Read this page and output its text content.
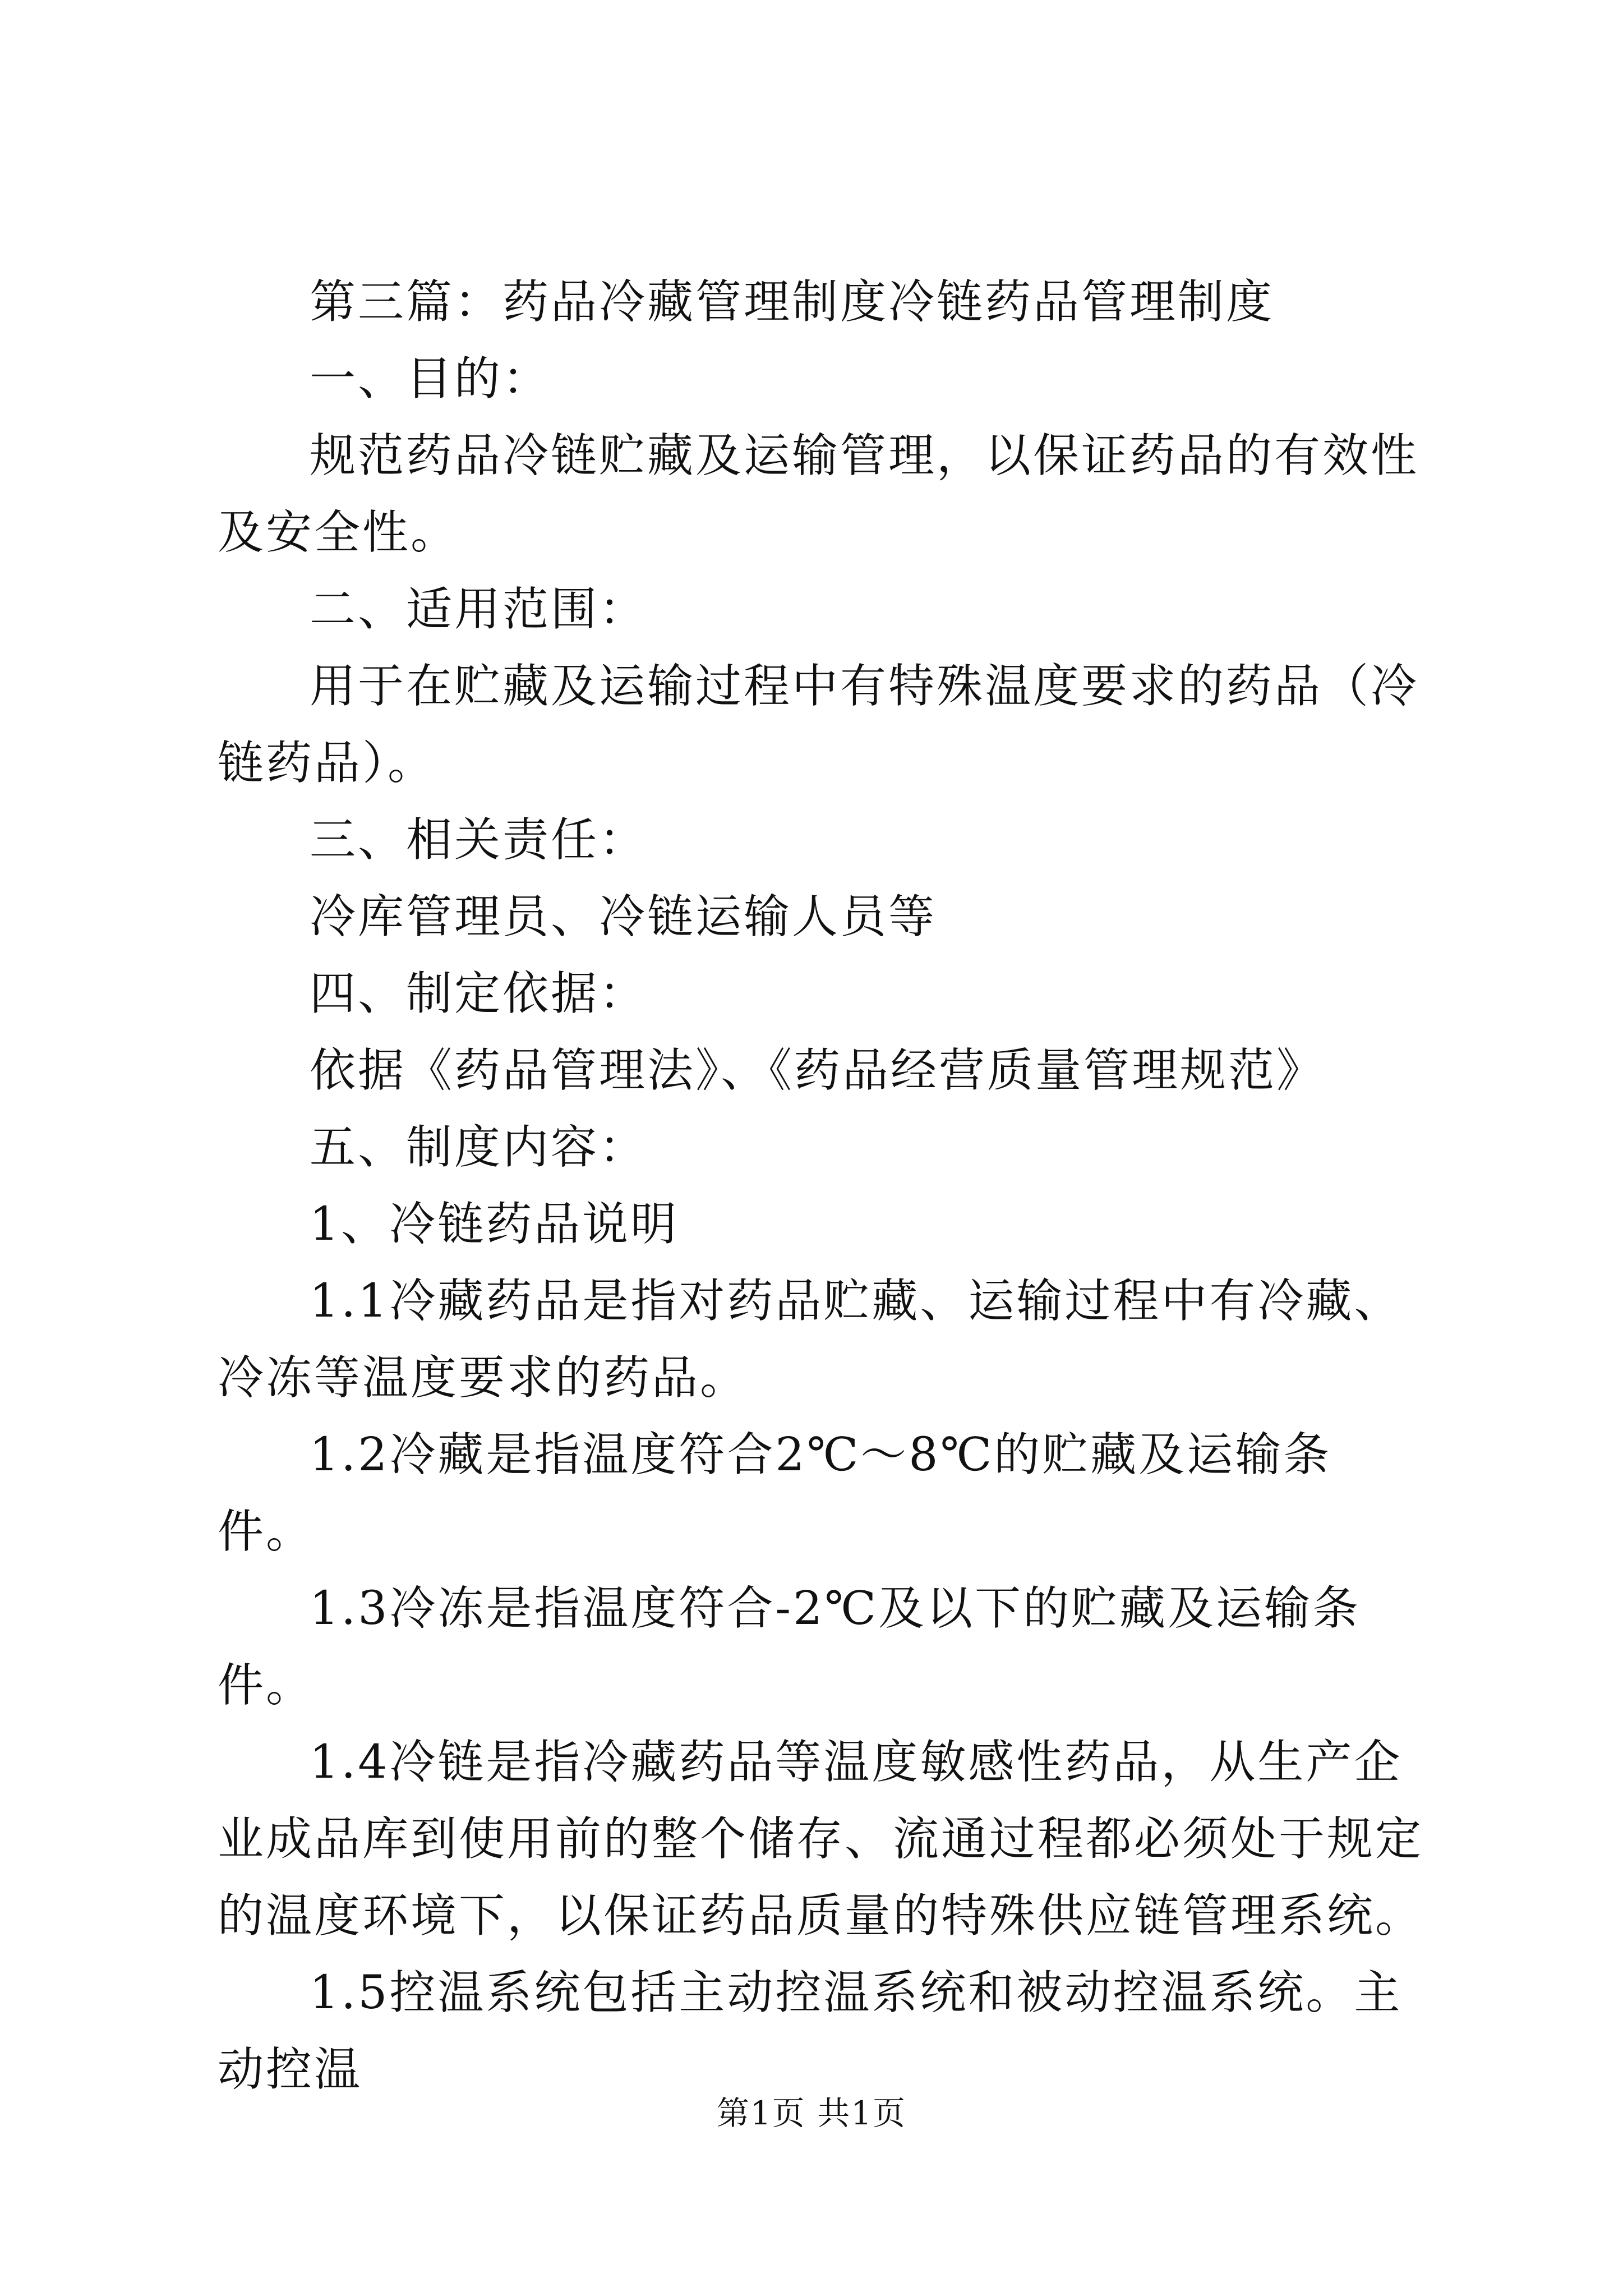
第三篇：药品冷藏管理制度冷链药品管理制度

一、目的：

规范药品冷链贮藏及运输管理，以保证药品的有效性及安全性。

二、适用范围：

用于在贮藏及运输过程中有特殊温度要求的药品（冷链药品）。

三、相关责任：

冷库管理员、冷链运输人员等

四、制定依据：

依据《药品管理法》、《药品经营质量管理规范》

五、制度内容：

1、冷链药品说明

1.1冷藏药品是指对药品贮藏、运输过程中有冷藏、冷冻等温度要求的药品。

1.2冷藏是指温度符合2℃～8℃的贮藏及运输条件。

1.3冷冻是指温度符合-2℃及以下的贮藏及运输条件。

1.4冷链是指冷藏药品等温度敏感性药品，从生产企业成品库到使用前的整个储存、流通过程都必须处于规定的温度环境下，以保证药品质量的特殊供应链管理系统。

1.5控温系统包括主动控温系统和被动控温系统。主动控温

第1页 共1页
